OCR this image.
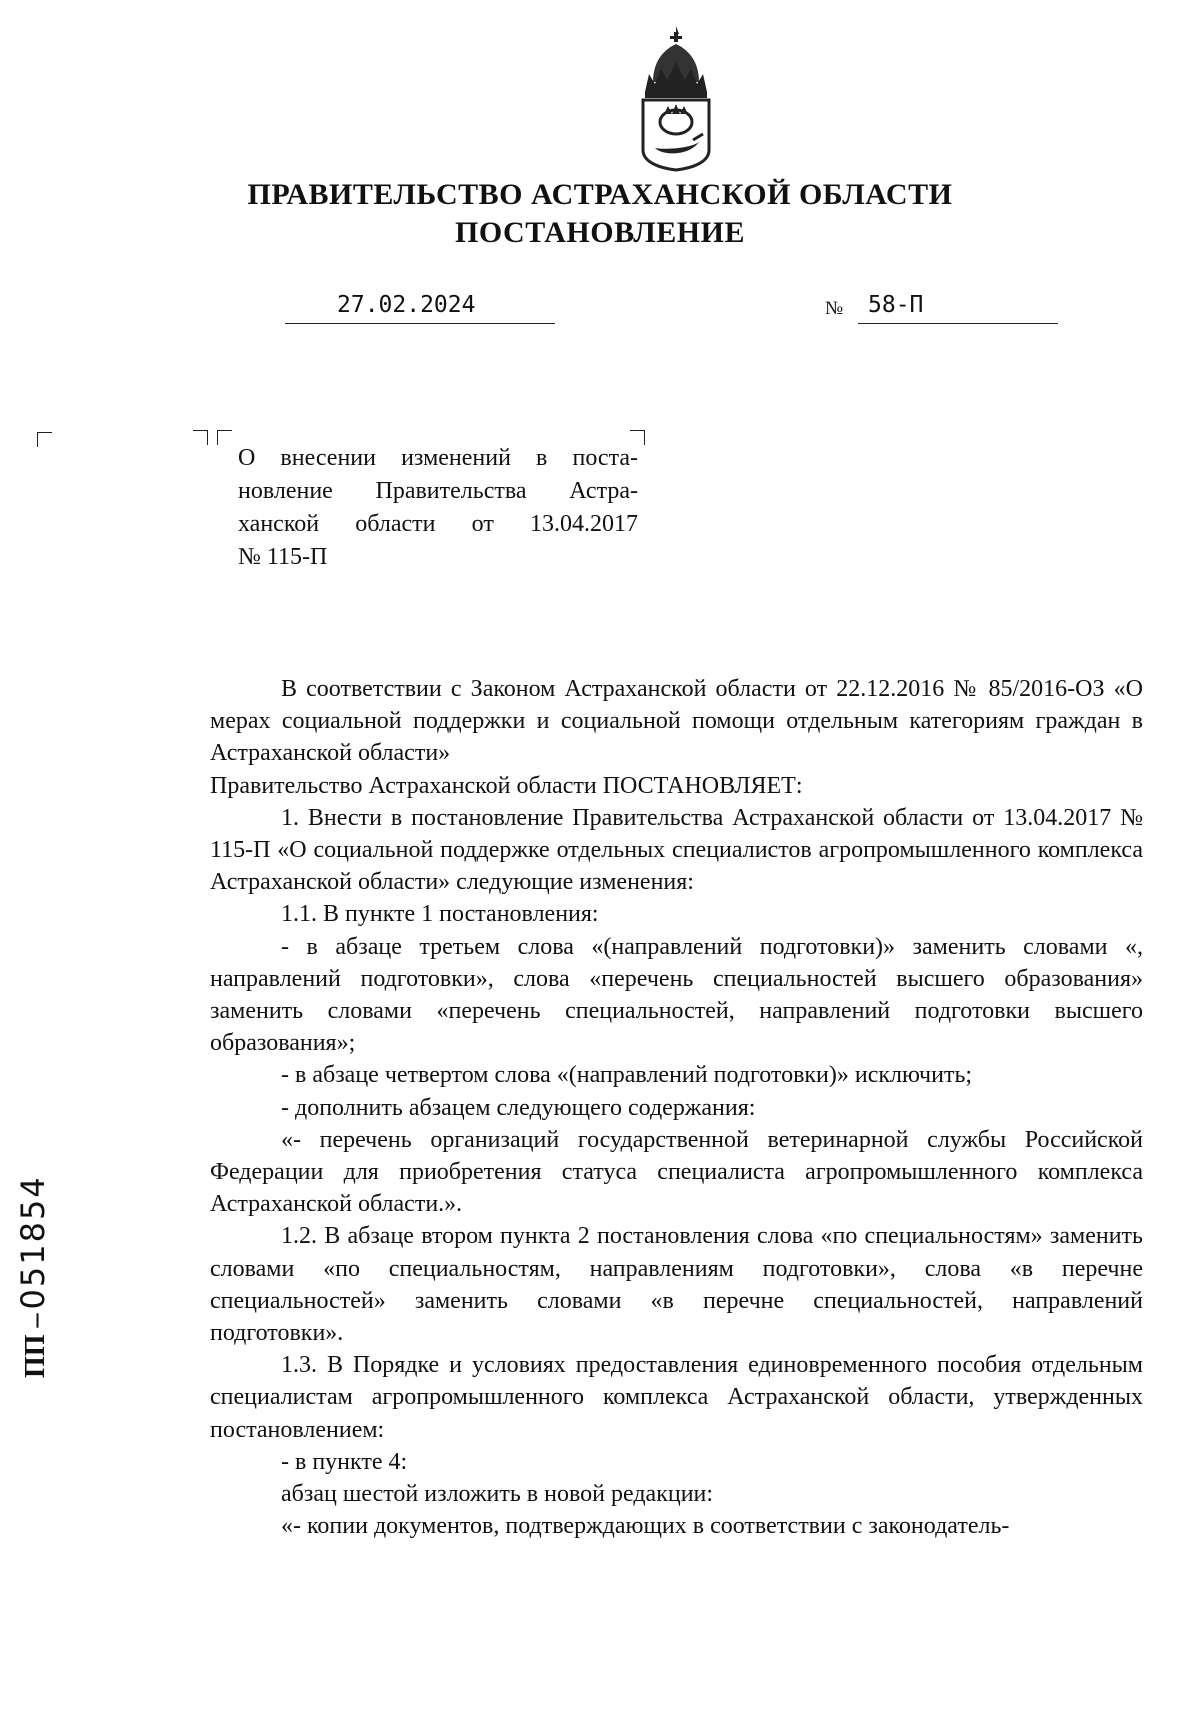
ПРАВИТЕЛЬСТВО АСТРАХАНСКОЙ ОБЛАСТИ
ПОСТАНОВЛЕНИЕ
27.02.2024	№	58-П
О внесении изменений в поста-
новление Правительства Астра-
ханской области от 13.04.2017
№ 115-П

В соответствии с Законом Астраханской области от 22.12.2016 № 85/2016-ОЗ «О мерах социальной поддержки и социальной помощи отдельным категориям граждан в Астраханской области»

Правительство Астраханской области ПОСТАНОВЛЯЕТ:

1. Внести в постановление Правительства Астраханской области от 13.04.2017 № 115-П «О социальной поддержке отдельных специалистов агропромышленного комплекса Астраханской области» следующие изменения:

1.1. В пункте 1 постановления:

- в абзаце третьем слова «(направлений подготовки)» заменить словами «, направлений подготовки», слова «перечень специальностей высшего образования» заменить словами «перечень специальностей, направлений подготовки высшего образования»;

- в абзаце четвертом слова «(направлений подготовки)» исключить;

- дополнить абзацем следующего содержания:

«- перечень организаций государственной ветеринарной службы Российской Федерации для приобретения статуса специалиста агропромышленного комплекса Астраханской области.».

1.2. В абзаце втором пункта 2 постановления слова «по специальностям» заменить словами «по специальностям, направлениям подготовки», слова «в перечне специальностей» заменить словами «в перечне специальностей, направлений подготовки».

1.3. В Порядке и условиях предоставления единовременного пособия отдельным специалистам агропромышленного комплекса Астраханской области, утвержденных постановлением:

- в пункте 4:

абзац шестой изложить в новой редакции:

«- копии документов, подтверждающих в соответствии с законодатель-

ПП – 051854
